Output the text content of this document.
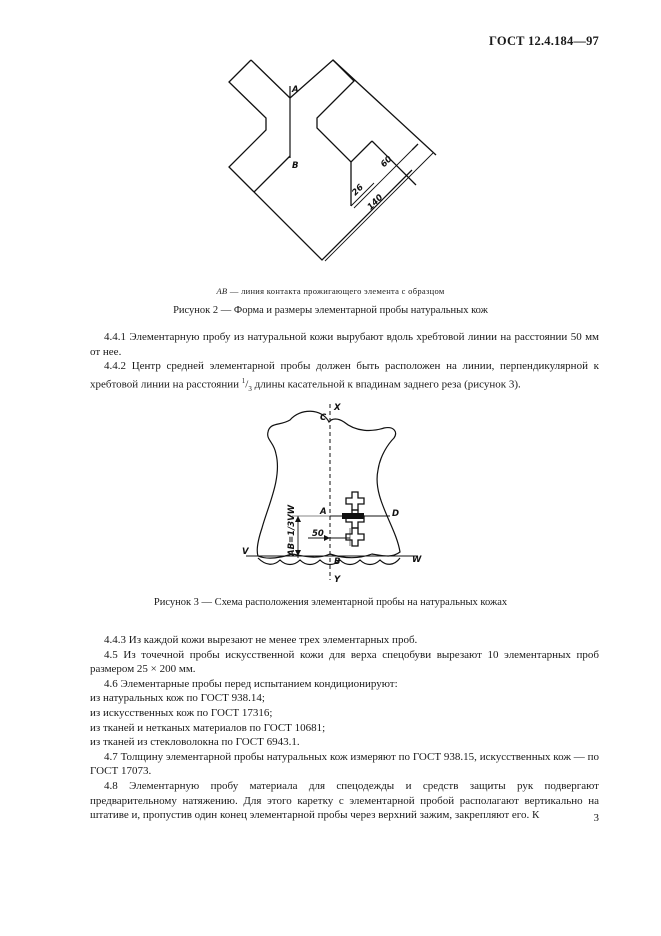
ГОСТ 12.4.184—97
A
B
26
60
140
AB — линия контакта прожигающего элемента с образцом
Рисунок 2 — Форма и размеры элементарной пробы натуральных кож

4.4.1 Элементарную пробу из натуральной кожи вырубают вдоль хребтовой линии на расстоянии 50 мм от нее.

4.4.2 Центр средней элементарной пробы должен быть расположен на линии, перпендикулярной к хребтовой линии на расстоянии $^1/_3$ длины касательной к впадинам заднего реза (рисунок 3).

X
C
A	D
B
V
W
Y
50
AB=1/3VW
Рисунок 3 — Схема расположения элементарной пробы на натуральных кожах

4.4.3 Из каждой кожи вырезают не менее трех элементарных проб.

4.5 Из точечной пробы искусственной кожи для верха спецобуви вырезают 10 элементарных проб размером 25 × 200 мм.

4.6 Элементарные пробы перед испытанием кондиционируют:

из натуральных кож по ГОСТ 938.14;

из искусственных кож по ГОСТ 17316;

из тканей и нетканых материалов по ГОСТ 10681;

из тканей из стекловолокна по ГОСТ 6943.1.

4.7 Толщину элементарной пробы натуральных кож измеряют по ГОСТ 938.15, искусственных кож — по ГОСТ 17073.

4.8 Элементарную пробу материала для спецодежды и средств защиты рук подвергают предварительному натяжению. Для этого каретку с элементарной пробой располагают вертикально на штативе и, пропустив один конец элементарной пробы через верхний зажим, закрепляют его. К	3
